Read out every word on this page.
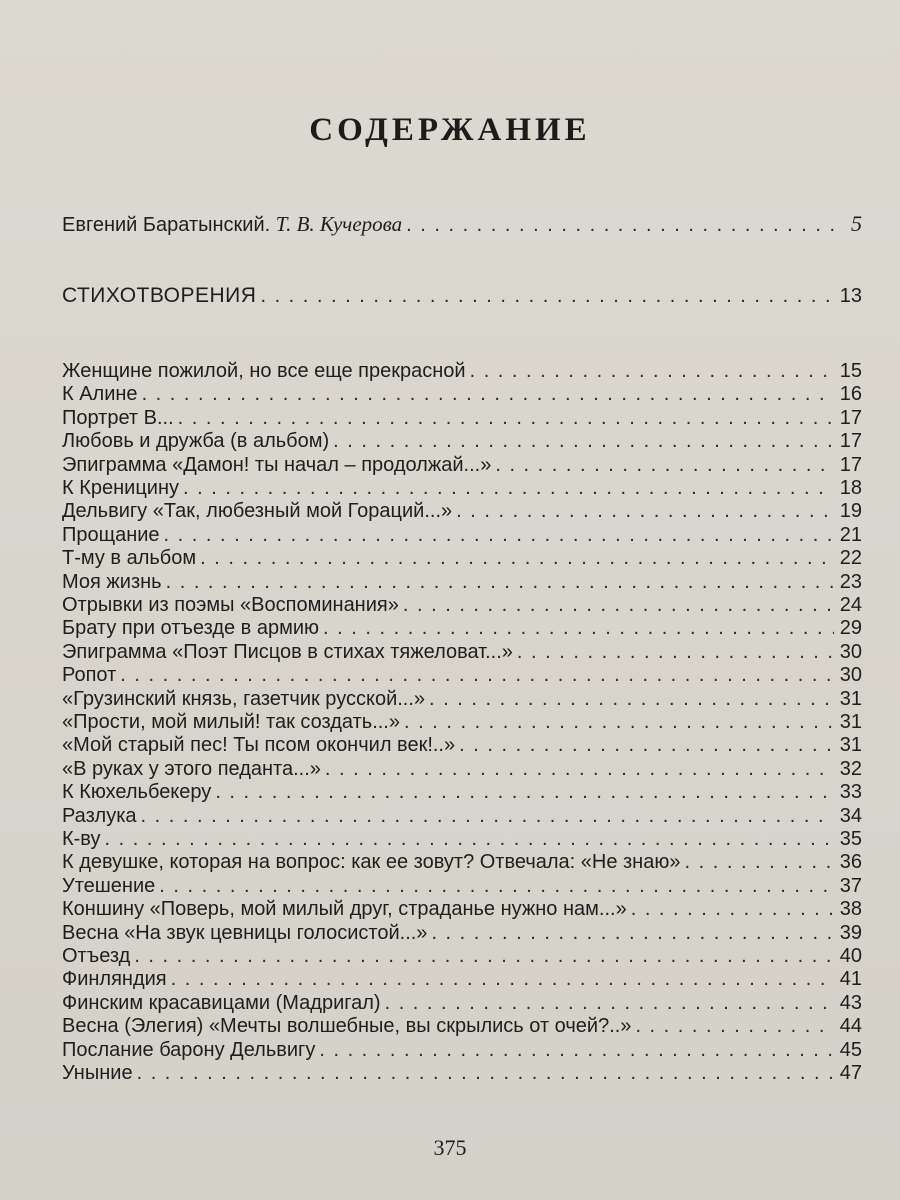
СОДЕРЖАНИЕ
Евгений Баратынский. Т. В. Кучерова . . .	5
СТИХОТВОРЕНИЯ . . .	13
Женщине пожилой, но все еще прекрасной . . .	15
К Алине . . .	16
Портрет В... . . .	17
Любовь и дружба (в альбом) . . .	17
Эпиграмма «Дамон! ты начал – продолжай...» . . .	17
К Креницину . . .	18
Дельвигу «Так, любезный мой Гораций...» . . .	19
Прощание . . .	21
Т-му в альбом . . .	22
Моя жизнь . . .	23
Отрывки из поэмы «Воспоминания» . . .	24
Брату при отъезде в армию . . .	29
Эпиграмма «Поэт Писцов в стихах тяжеловат...» . . .	30
Ропот . . .	30
«Грузинский князь, газетчик русской...» . . .	31
«Прости, мой милый! так создать...» . . .	31
«Мой старый пес! Ты псом окончил век!..» . . .	31
«В руках у этого педанта...» . . .	32
К Кюхельбекеру . . .	33
Разлука . . .	34
К-ву . . .	35
К девушке, которая на вопрос: как ее зовут? Отвечала: «Не знаю» . . .	36
Утешение . . .	37
Коншину «Поверь, мой милый друг, страданье нужно нам...» . . .	38
Весна «На звук цевницы голосистой...» . . .	39
Отъезд . . .	40
Финляндия . . .	41
Финским красавицами (Мадригал) . . .	43
Весна (Элегия) «Мечты волшебные, вы скрылись от очей?..» . . .	44
Послание барону Дельвигу . . .	45
Уныние . . .	47
375
